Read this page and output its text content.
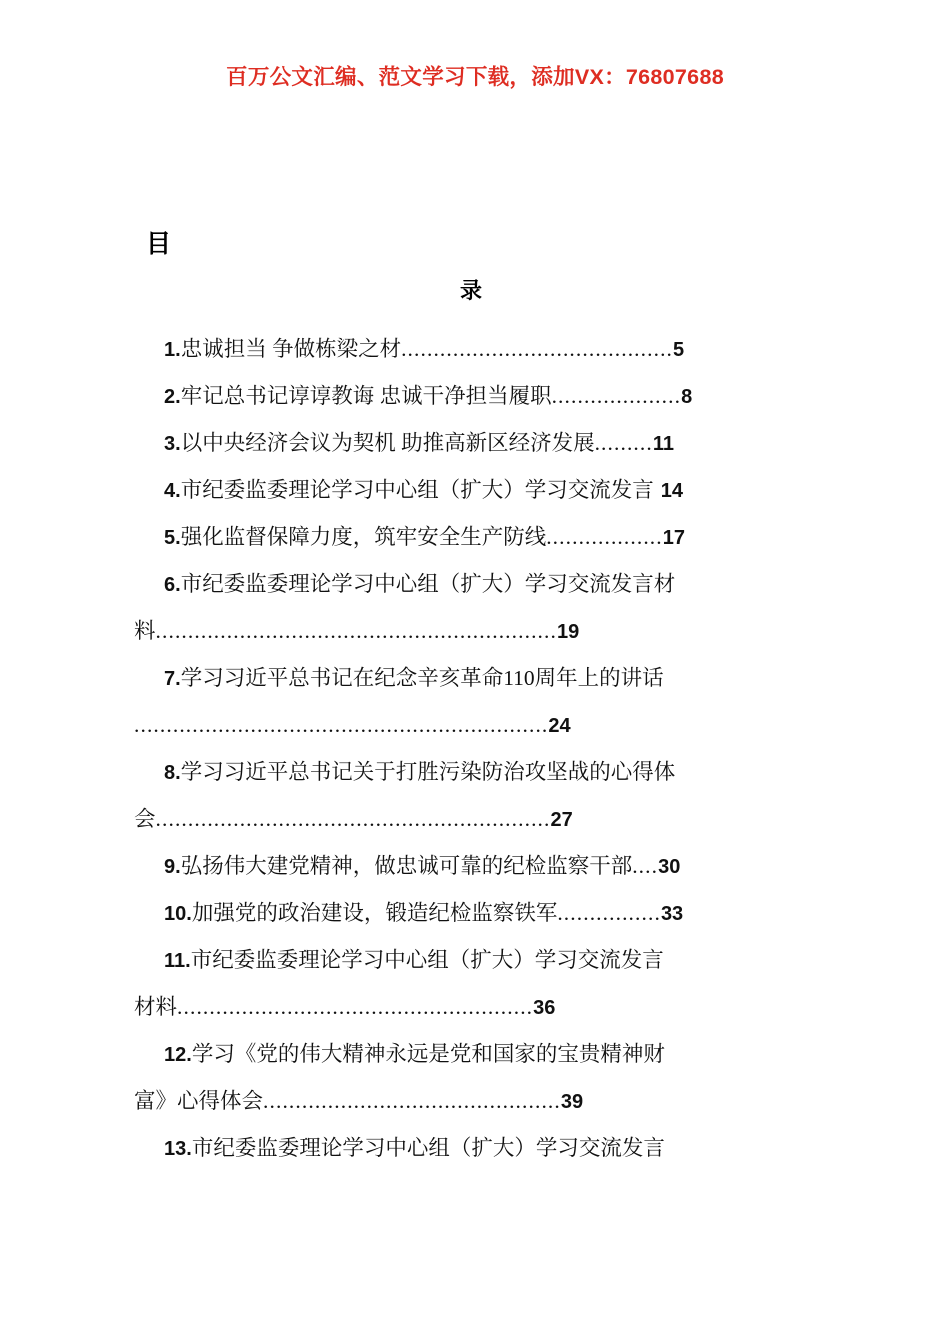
百万公文汇编、范文学习下载，添加VX：76807688
目
录
1.忠诚担当 争做栋梁之材..........................................5
2.牢记总书记谆谆教诲 忠诚干净担当履职....................8
3.以中央经济会议为契机 助推高新区经济发展.........11
4.市纪委监委理论学习中心组（扩大）学习交流发言 14
5.强化监督保障力度，筑牢安全生产防线..................17
6.市纪委监委理论学习中心组（扩大）学习交流发言材
料..............................................................19
7.学习习近平总书记在纪念辛亥革命110周年上的讲话
................................................................24
8.学习习近平总书记关于打胜污染防治攻坚战的心得体
会.............................................................27
9.弘扬伟大建党精神，做忠诚可靠的纪检监察干部....30
10.加强党的政治建设，锻造纪检监察铁军................33
11.市纪委监委理论学习中心组（扩大）学习交流发言
材料.......................................................36
12.学习《党的伟大精神永远是党和国家的宝贵精神财
富》心得体会..............................................39
13.市纪委监委理论学习中心组（扩大）学习交流发言
